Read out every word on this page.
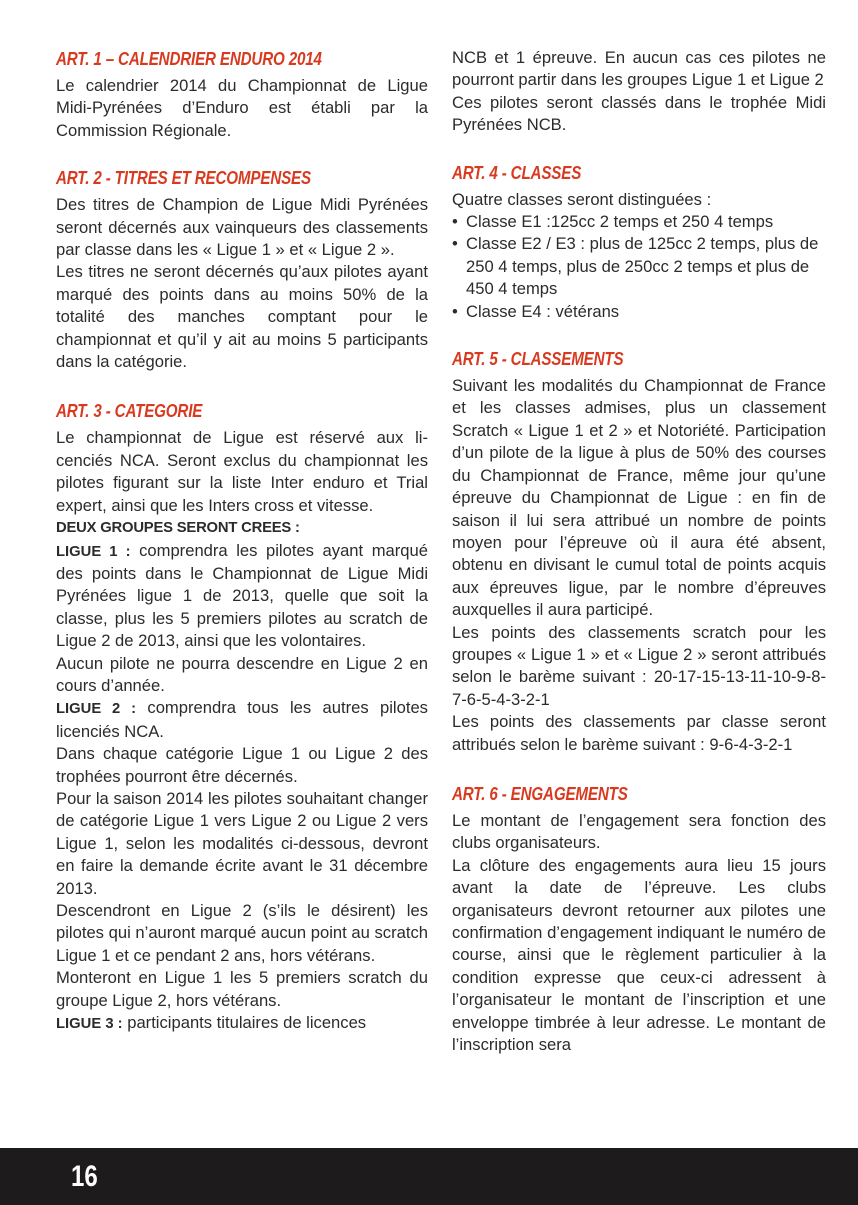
ART. 1 – CALENDRIER ENDURO 2014

Le calendrier 2014 du Championnat de Ligue Midi-Pyrénées d’Enduro est établi par la Commission Régionale.

ART. 2 - TITRES ET RECOMPENSES

Des titres de Champion de Ligue Midi Pyrénées seront décernés aux vainqueurs des classements par classe dans les « Ligue 1 » et « Ligue 2 ».

Les titres ne seront décernés qu’aux pilotes ayant marqué des points dans au moins 50% de la totalité des manches comptant pour le championnat et qu’il y ait au moins 5 participants dans la catégorie.

ART. 3 - CATEGORIE

Le championnat de Ligue est réservé aux licenciés NCA. Seront exclus du championnat les pilotes figurant sur la liste Inter enduro et Trial expert, ainsi que les Inters cross et vitesse.

DEUX GROUPES SERONT CREES :

LIGUE 1 : comprendra les pilotes ayant marqué des points dans le Championnat de Ligue Midi Pyrénées ligue 1 de 2013, quelle que soit la classe, plus les 5 premiers pilotes au scratch de Ligue 2 de 2013, ainsi que les volontaires.

Aucun pilote ne pourra descendre en Ligue 2 en cours d’année.

LIGUE 2 : comprendra tous les autres pilotes licenciés NCA.

Dans chaque catégorie Ligue 1 ou Ligue 2 des trophées pourront être décernés.

Pour la saison 2014 les pilotes souhaitant changer de catégorie Ligue 1 vers Ligue 2 ou Ligue 2 vers Ligue 1, selon les modalités ci-dessous, devront en faire la demande écrite avant le 31 décembre 2013.

Descendront en Ligue 2 (s’ils le désirent) les pilotes qui n’auront marqué aucun point au scratch Ligue 1 et ce pendant 2 ans, hors vétérans.

Monteront en Ligue 1 les 5 premiers scratch du groupe Ligue 2, hors vétérans.

LIGUE 3 : participants titulaires de licences

NCB et 1 épreuve. En aucun cas ces pilotes ne pourront partir dans les groupes Ligue 1 et Ligue 2

Ces pilotes seront classés dans le trophée Midi Pyrénées NCB.

ART. 4 - CLASSES

Quatre classes seront distinguées :

• Classe E1 :125cc 2 temps et 250 4 temps
• Classe E2 / E3 : plus de 125cc 2 temps, plus de 250 4 temps, plus de 250cc 2 temps et plus de 450 4 temps
• Classe E4 : vétérans
ART. 5 - CLASSEMENTS

Suivant les modalités du Championnat de France et les classes admises, plus un classement Scratch « Ligue 1 et 2 » et Notoriété. Participation d’un pilote de la ligue à plus de 50% des courses du Championnat de France, même jour qu’une épreuve du Championnat de Ligue : en fin de saison il lui sera attribué un nombre de points moyen pour l’épreuve où il aura été absent, obtenu en divisant le cumul total de points acquis aux épreuves ligue, par le nombre d’épreuves auxquelles il aura participé.

Les points des classements scratch pour les groupes « Ligue 1 » et « Ligue 2 » seront attribués selon le barème suivant : 20-17-15-13-11-10-9-8-7-6-5-4-3-2-1

Les points des classements par classe seront attribués selon le barème suivant : 9-6-4-3-2-1

ART. 6 - ENGAGEMENTS

Le montant de l’engagement sera fonction des clubs organisateurs.

La clôture des engagements aura lieu 15 jours avant la date de l’épreuve. Les clubs organisateurs devront retourner aux pilotes une confirmation d’engagement indiquant le numéro de course, ainsi que le règlement particulier à la condition expresse que ceux-ci adressent à l’organisateur le montant de l’inscription et une enveloppe timbrée à leur adresse. Le montant de l’inscription sera

16
